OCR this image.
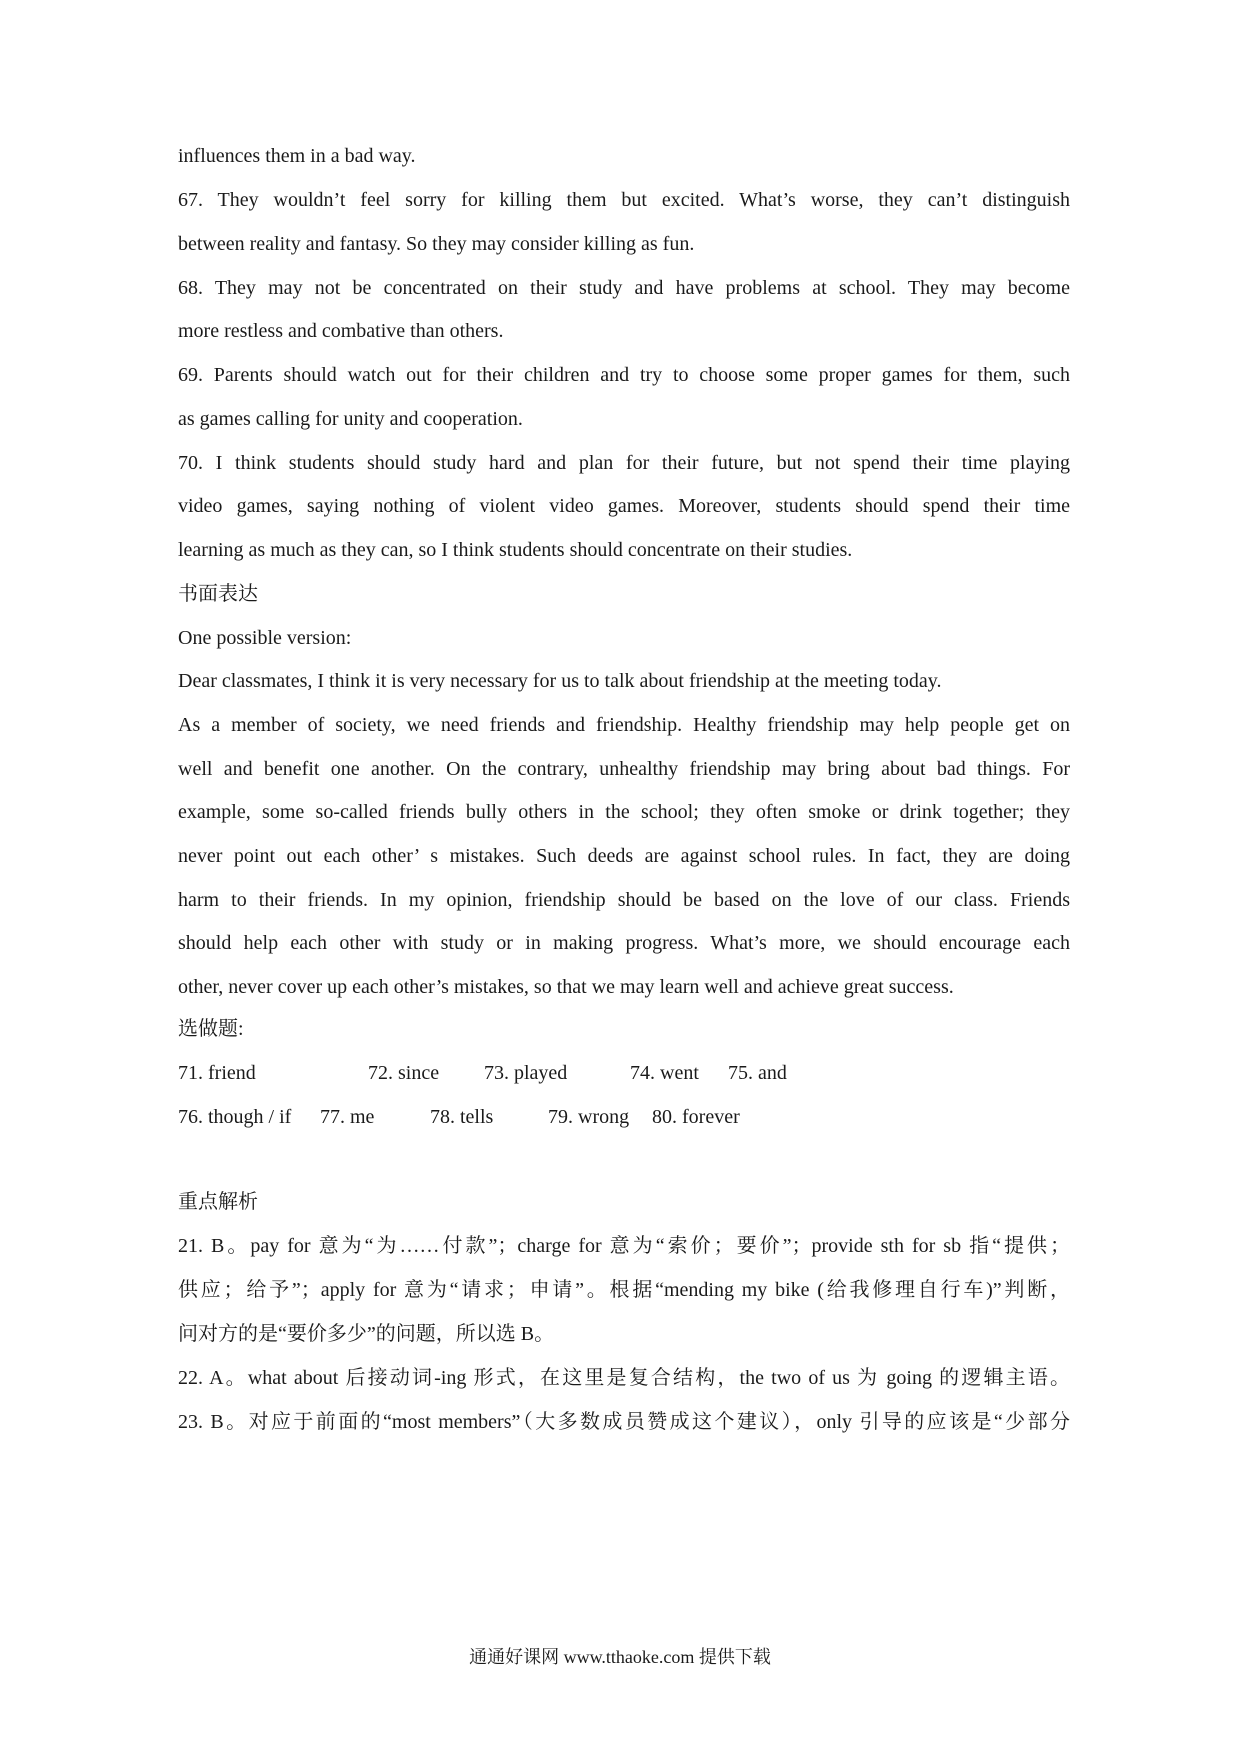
influences them in a bad way.
67. They wouldn’t feel sorry for killing them but excited. What’s worse, they can’t distinguish
between reality and fantasy. So they may consider killing as fun.
68. They may not be concentrated on their study and have problems at school. They may become
more restless and combative than others.
69. Parents should watch out for their children and try to choose some proper games for them, such
as games calling for unity and cooperation.
70. I think students should study hard and plan for their future, but not spend their time playing
video games, saying nothing of violent video games. Moreover, students should spend their time
learning as much as they can, so I think students should concentrate on their studies.
书面表达
One possible version:
Dear classmates, I think it is very necessary for us to talk about friendship at the meeting today.
As a member of society, we need friends and friendship. Healthy friendship may help people get on
well and benefit one another. On the contrary, unhealthy friendship may bring about bad things. For
example, some so-called friends bully others in the school; they often smoke or drink together; they
never point out each other’ s mistakes. Such deeds are against school rules. In fact, they are doing
harm to their friends. In my opinion, friendship should be based on the love of our class. Friends
should help each other with study or in making progress. What’s more, we should encourage each
other, never cover up each other’s mistakes, so that we may learn well and achieve great success.
选做题:
71. friend	72. since 73. played	74. went 75. and
76. though / if 77. me	78. tells	79. wrong 80. forever
重点解析
21. B。pay for 意为“为……付款”；charge for 意为“索价；要价”；provide sth for sb 指“提供；
供应；给予”；apply for 意为“请求；申请”。根据“mending my bike (给我修理自行车)”判断，
问对方的是“要价多少”的问题，所以选 B。
22. A。what about 后接动词-ing 形式，在这里是复合结构，the two of us 为 going 的逻辑主语。
23. B。对应于前面的“most members”（大多数成员赞成这个建议），only 引导的应该是“少部分
通通好课网 www.tthaoke.com 提供下载
